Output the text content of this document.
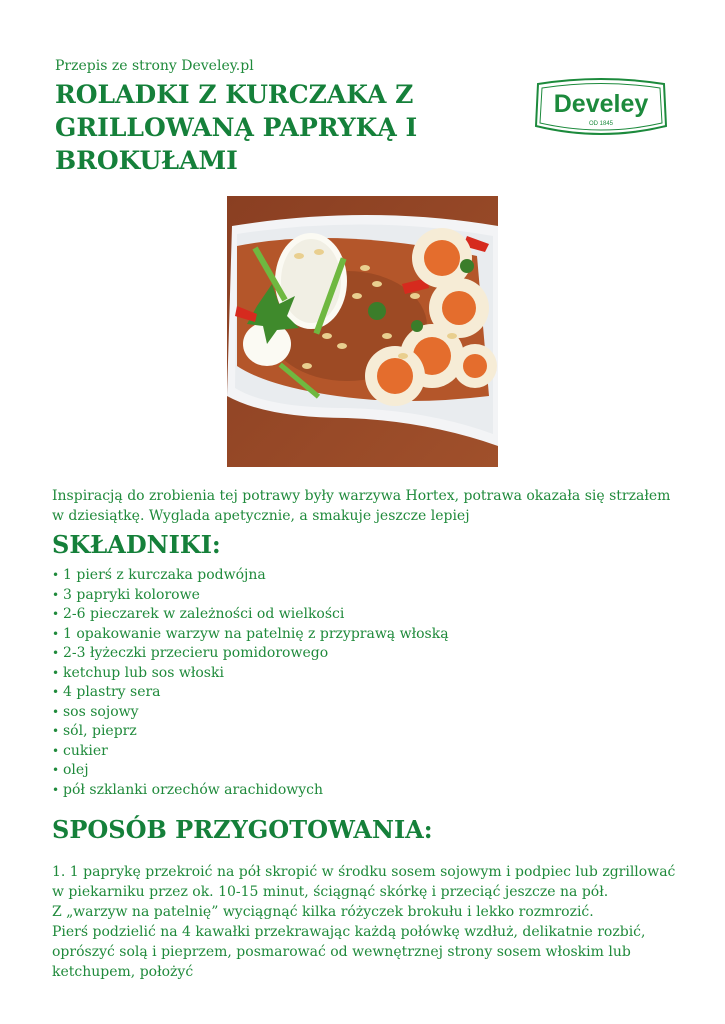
Przepis ze strony Develey.pl
ROLADKI Z KURCZAKA Z GRILLOWANĄ PAPRYKĄ I BROKUŁAMI
Develey
OD 1845

Inspiracją do zrobienia tej potrawy były warzywa Hortex, potrawa okazała się strzałem w dziesiątkę. Wyglada apetycznie, a smakuje jeszcze lepiej

SKŁADNIKI:
• 1 pierś z kurczaka podwójna
• 3 papryki kolorowe
• 2-6 pieczarek w zależności od wielkości
• 1 opakowanie warzyw na patelnię z przyprawą włoską
• 2-3 łyżeczki przecieru pomidorowego
• ketchup lub sos włoski
• 4 plastry sera
• sos sojowy
• sól, pieprz
• cukier
• olej
• pół szklanki orzechów arachidowych
SPOSÓB PRZYGOTOWANIA:

1. 1 paprykę przekroić na pół skropić w środku sosem sojowym i podpiec lub zgrillować w piekarniku przez ok. 10-15 minut, ściągnąć skórkę i przeciąć jeszcze na pół.

Z „warzyw na patelnię” wyciągnąć kilka różyczek brokułu i lekko rozmrozić.

Pierś podzielić na 4 kawałki przekrawając każdą połówkę wzdłuż, delikatnie rozbić, oprószyć solą i pieprzem, posmarować od wewnętrznej strony sosem włoskim lub ketchupem, położyć
